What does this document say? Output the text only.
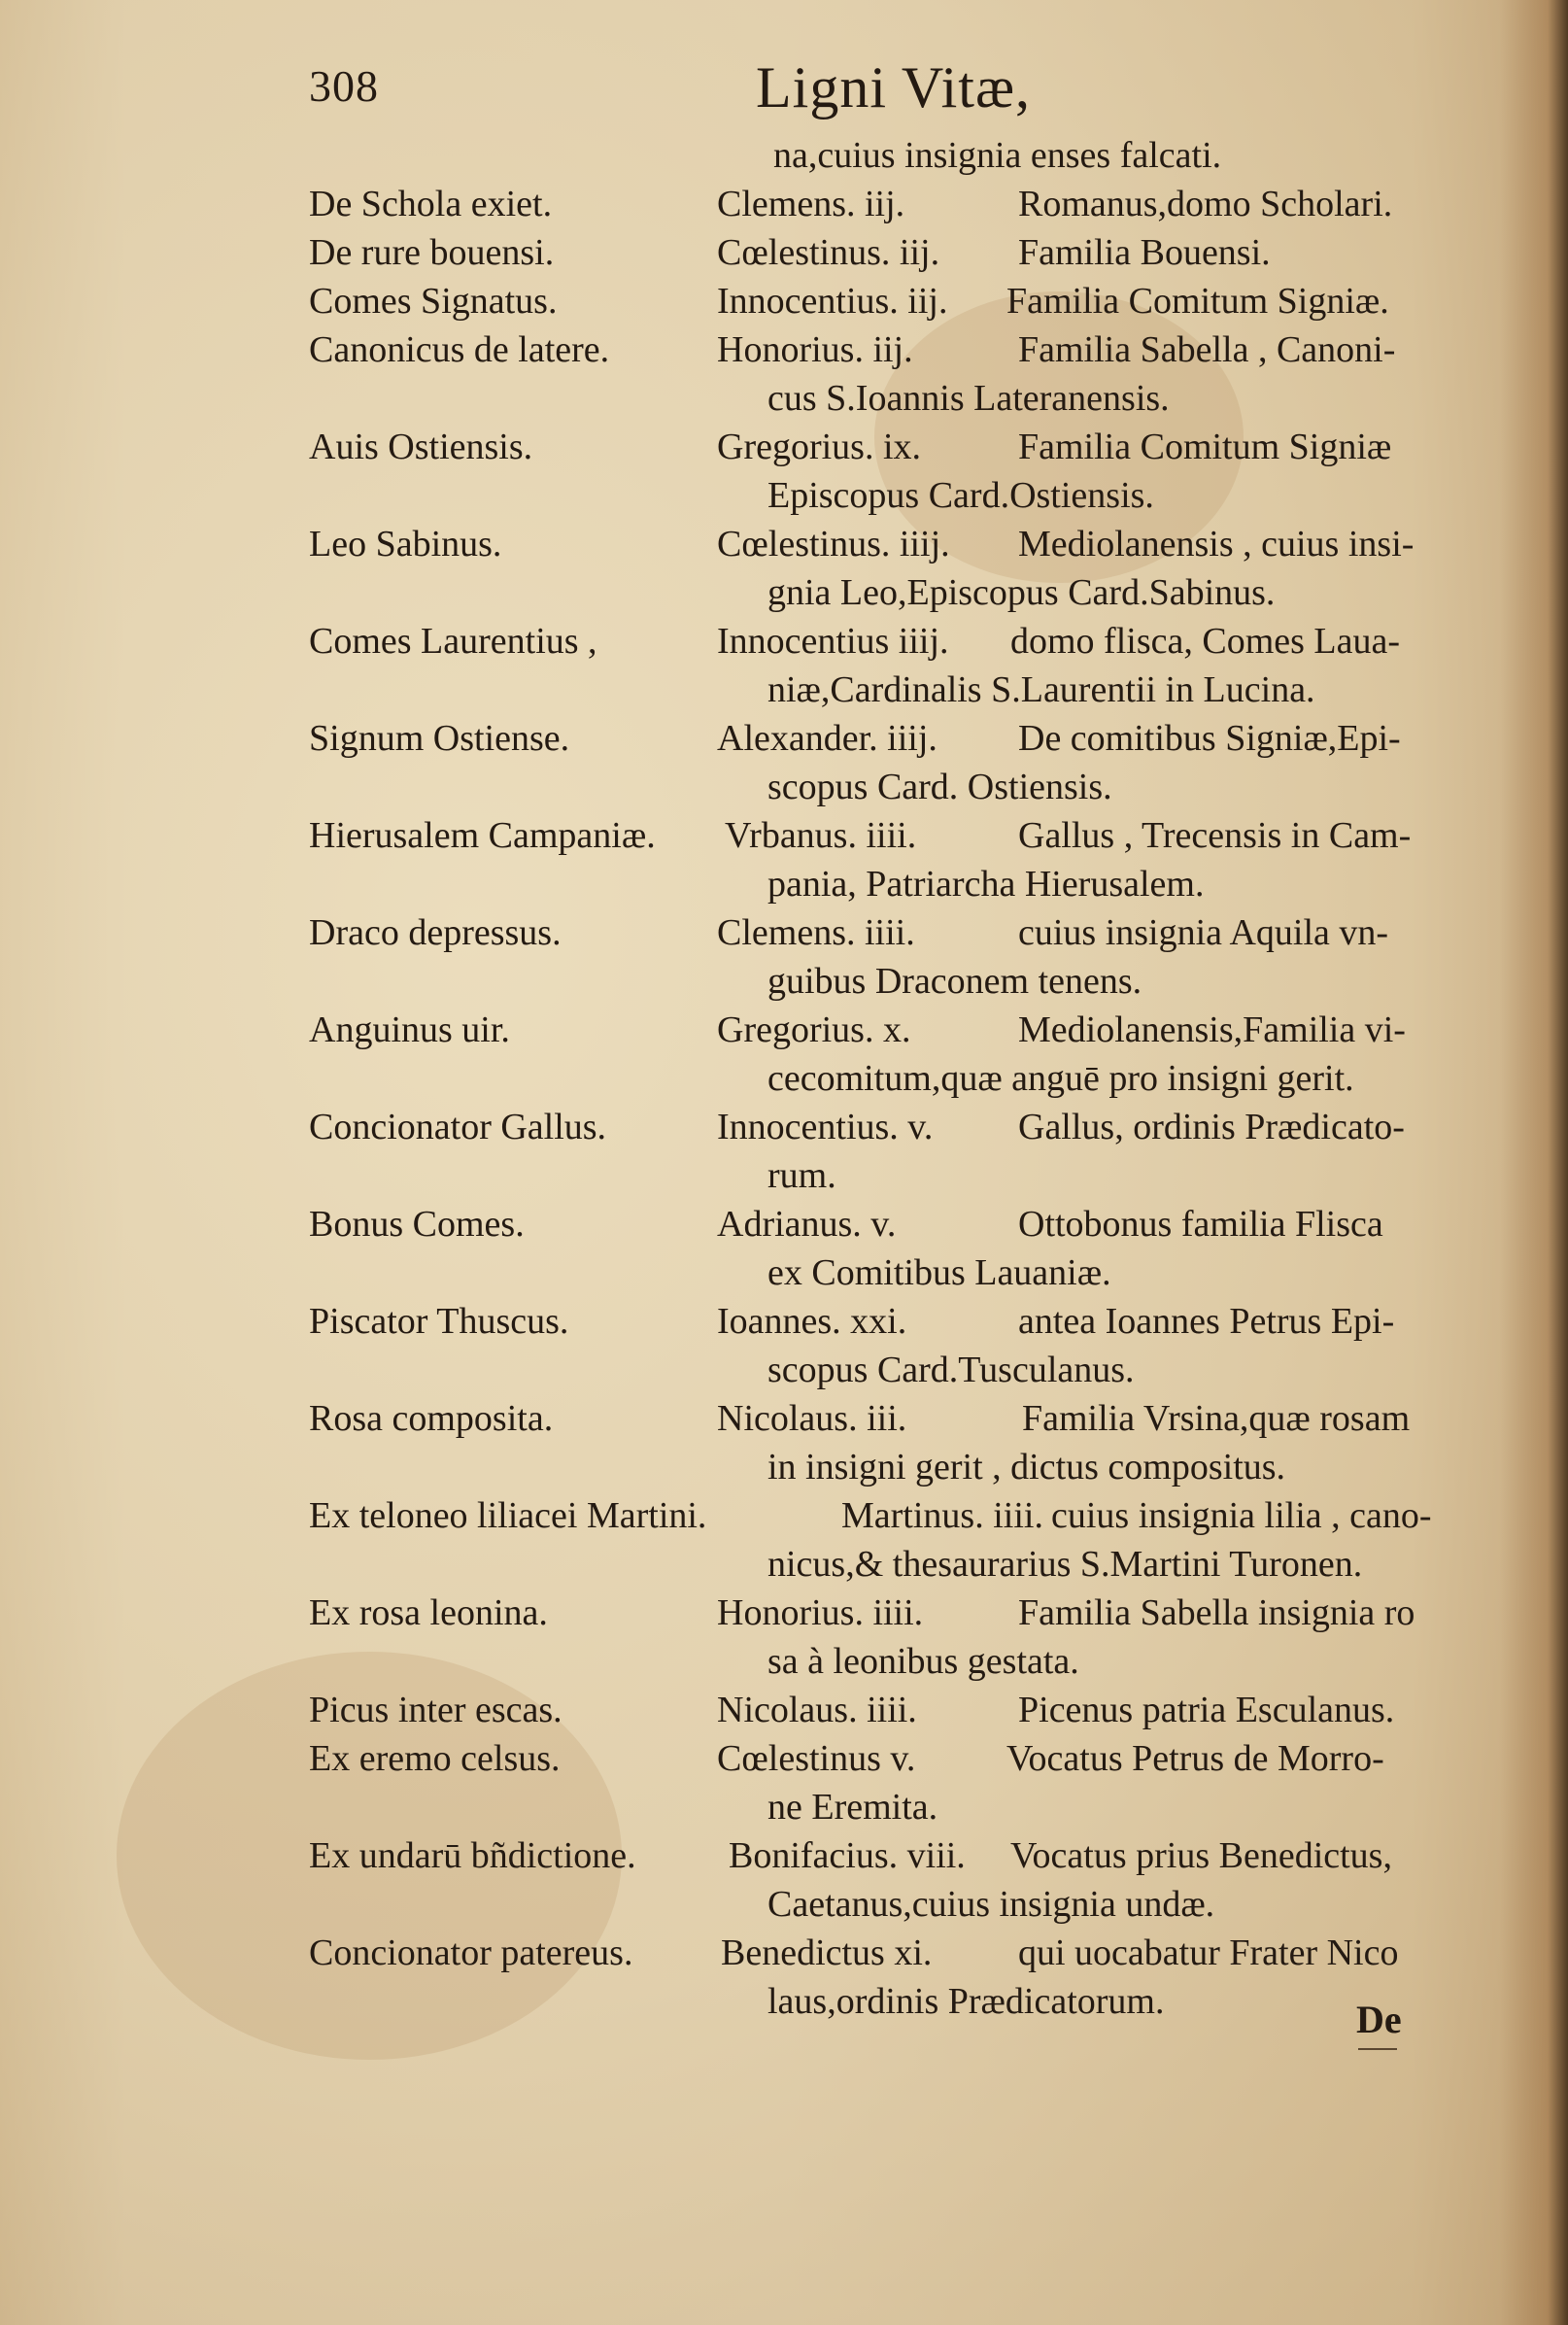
308	Ligni Vitæ,
na,cuius insignia enses falcati.
De Schola exiet.	Clemens. iij.	Romanus,domo Scholari.
De rure bouensi.	Cœlestinus. iij. Familia Bouensi.
Comes Signatus.	Innocentius. iij. Familia Comitum Signiæ.
Canonicus de latere.	Honorius. iij.	Familia Sabella , Canoni-
cus S.Ioannis Lateranensis.
Auis Ostiensis.	Gregorius. ix.	Familia Comitum Signiæ
Episcopus Card.Ostiensis.
Leo Sabinus.	Cœlestinus. iiij. Mediolanensis , cuius insi-
gnia Leo,Episcopus Card.Sabinus.
Comes Laurentius ,	Innocentius iiij. domo flisca, Comes Laua-
niæ,Cardinalis S.Laurentii in Lucina.
Signum Ostiense.	Alexander. iiij. De comitibus Signiæ,Epi-
scopus Card. Ostiensis.
Hierusalem Campaniæ. Vrbanus. iiii.	Gallus , Trecensis in Cam-
pania, Patriarcha Hierusalem.
Draco depressus.	Clemens. iiii.	cuius insignia Aquila vn-
guibus Draconem tenens.
Anguinus uir.	Gregorius. x.	Mediolanensis,Familia vi-
cecomitum,quæ anguē pro insigni gerit.
Concionator Gallus.	Innocentius. v. Gallus, ordinis Prædicato-
rum.
Bonus Comes.	Adrianus. v.	Ottobonus familia Flisca
ex Comitibus Lauaniæ.
Piscator Thuscus.	Ioannes. xxi.	antea Ioannes Petrus Epi-
scopus Card.Tusculanus.
Rosa composita.	Nicolaus. iii.	Familia Vrsina,quæ rosam
in insigni gerit , dictus compositus.
Ex teloneo liliacei Martini.	Martinus. iiii. cuius insignia lilia , cano-
nicus,& thesaurarius S.Martini Turonen.
Ex rosa leonina.	Honorius. iiii.	Familia Sabella insignia ro
sa à leonibus gestata.
Picus inter escas.	Nicolaus. iiii.	Picenus patria Esculanus.
Ex eremo celsus.	Cœlestinus v. Vocatus Petrus de Morro-
ne Eremita.
Ex undarū bñdictione.	Bonifacius. viii. Vocatus prius Benedictus,
Caetanus,cuius insignia undæ.
Concionator patereus. Benedictus xi. qui uocabatur Frater Nico
laus,ordinis Prædicatorum.	De
